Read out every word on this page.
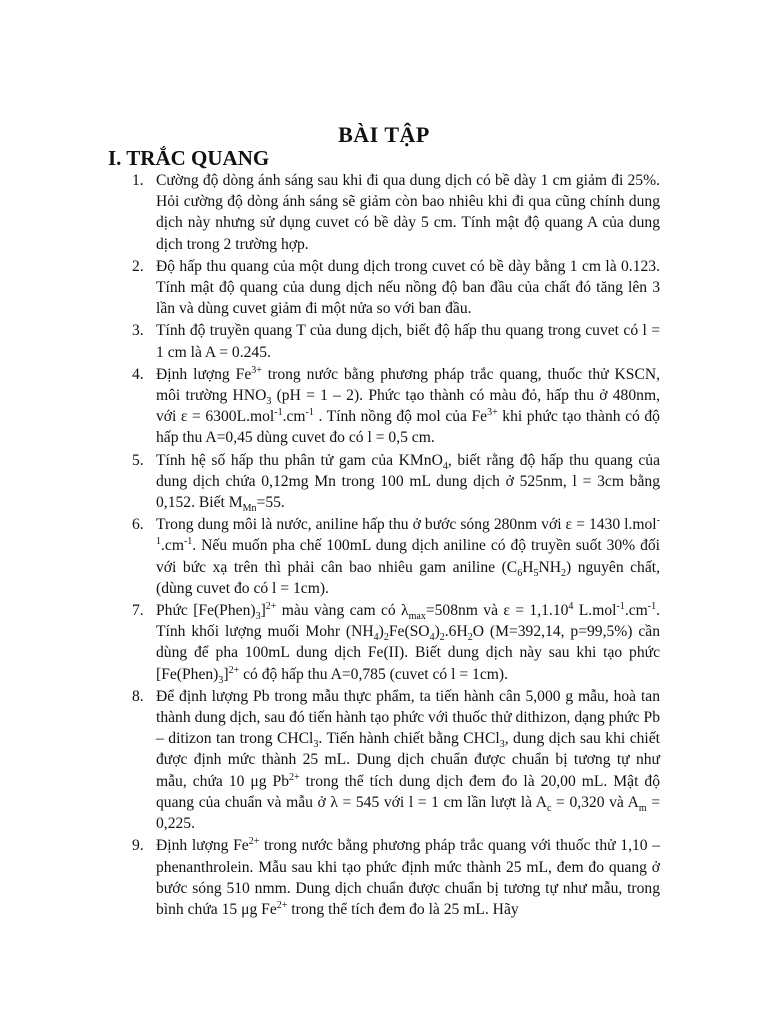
BÀI TẬP
I. TRẮC QUANG
1. Cường độ dòng ánh sáng sau khi đi qua dung dịch có bề dày 1 cm giảm đi 25%. Hỏi cường độ dòng ánh sáng sẽ giảm còn bao nhiêu khi đi qua cũng chính dung dịch này nhưng sử dụng cuvet có bề dày 5 cm. Tính mật độ quang A của dung dịch trong 2 trường hợp.
2. Độ hấp thu quang của một dung dịch trong cuvet có bề dày bằng 1 cm là 0.123. Tính mật độ quang của dung dịch nếu nồng độ ban đầu của chất đó tăng lên 3 lần và dùng cuvet giảm đi một nửa so với ban đầu.
3. Tính độ truyền quang T của dung dịch, biết độ hấp thu quang trong cuvet có l = 1 cm là A = 0.245.
4. Định lượng $Fe^{3+}$ trong nước bằng phương pháp trắc quang, thuốc thử KSCN, môi trường $HNO_3$ (pH = 1 – 2). Phức tạo thành có màu đỏ, hấp thu ở 480nm, với $\varepsilon = 6300L.mol^{-1}.cm^{-1}$ . Tính nồng độ mol của $Fe^{3+}$ khi phức tạo thành có độ hấp thu A=0,45 dùng cuvet đo có l = 0,5 cm.
5. Tính hệ số hấp thu phân tử gam của KMnO$_4$, biết rằng độ hấp thu quang của dung dịch chứa 0,12mg Mn trong 100 mL dung dịch ở 525nm, l = 3cm bằng 0,152. Biết $M_{Mn}=55$.
6. Trong dung môi là nước, aniline hấp thu ở bước sóng 280nm với ε = 1430 $l.mol^{-1}.cm^{-1}$. Nếu muốn pha chế 100mL dung dịch aniline có độ truyền suốt 30% đối với bức xạ trên thì phải cân bao nhiêu gam aniline $(C_6H_5NH_2)$ nguyên chất, (dùng cuvet đo có l = 1cm).
7. Phức $[Fe(Phen)_3]^{2+}$ màu vàng cam có $\lambda_{max}=508nm$ và $\varepsilon = 1,1.10^4$ $L.mol^{-1}.cm^{-1}$. Tính khối lượng muối Mohr $(NH_4)_2Fe(SO_4)_2.6H_2O$ (M=392,14, p=99,5%) cần dùng để pha 100mL dung dịch Fe(II). Biết dung dịch này sau khi tạo phức $[Fe(Phen)_3]^{2+}$ có độ hấp thu A=0,785 (cuvet có l = 1cm).
8. Để định lượng Pb trong mẫu thực phẩm, ta tiến hành cân 5,000 g mẫu, hoà tan thành dung dịch, sau đó tiến hành tạo phức với thuốc thử dithizon, dạng phức Pb – ditizon tan trong CHCl$_3$. Tiến hành chiết bằng CHCl$_3$, dung dịch sau khi chiết được định mức thành 25 mL. Dung dịch chuẩn được chuẩn bị tương tự như mẫu, chứa 10 μg $Pb^{2+}$ trong thể tích dung dịch đem đo là 20,00 mL. Mật độ quang của chuẩn và mẫu ở λ = 545 với l = 1 cm lần lượt là $A_c = 0,320$ và $A_m = 0,225$.
9. Định lượng $Fe^{2+}$ trong nước bằng phương pháp trắc quang với thuốc thử 1,10 – phenanthrolein. Mẫu sau khi tạo phức định mức thành 25 mL, đem đo quang ở bước sóng 510 nmm. Dung dịch chuẩn được chuẩn bị tương tự như mẫu, trong bình chứa 15 μg $Fe^{2+}$ trong thể tích đem đo là 25 mL. Hãy
